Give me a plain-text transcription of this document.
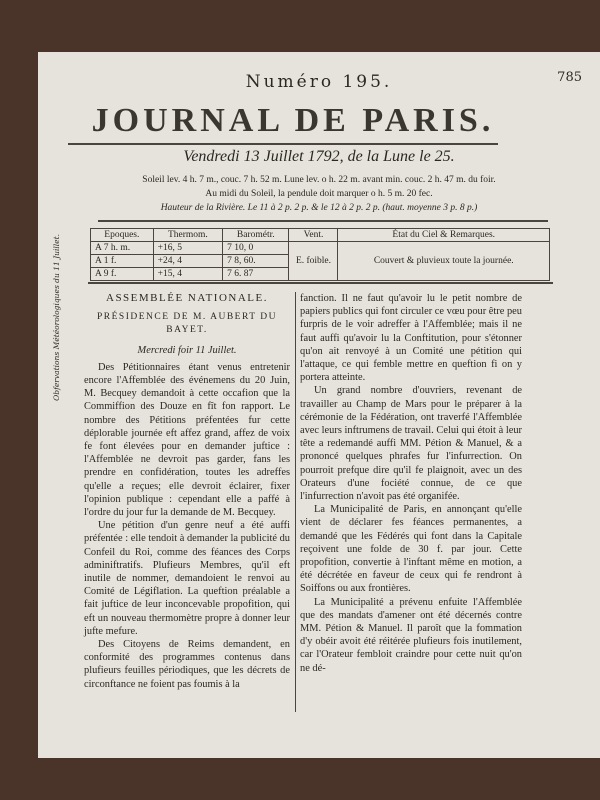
Numéro 195.	785
JOURNAL DE PARIS.
Vendredi 13 Juillet 1792, de la Lune le 25.
Soleil lev. 4 h. 7 m., couc. 7 h. 52 m. Lune lev. o h. 22 m. avant min. couc. 2 h. 47 m. du foir.
Au midi du Soleil, la pendule doit marquer o h. 5 m. 20 fec.
Hauteur de la Rivière. Le 11 à 2 p. 2 p. & le 12 à 2 p. 2 p. (haut. moyenne 3 p. 8 p.)
Obfervations Météorologiques du 11 Juillet.	Epoques.	Thermom.	Barométr.	Vent.	État du Ciel & Remarques.
A 7 h. m.	+16, 5	7 10, 0	E. foible.	Couvert & pluvieux toute la journée.
A 1 f.	+24, 4	7 8, 60.		
A 9 f.	+15, 4	7 6. 87		
ASSEMBLÉE NATIONALE.
PRÉSIDENCE DE M. AUBERT DU BAYET.
Mercredi foir 11 Juillet.

Des Pétitionnaires étant venus entretenir encore l'Affemblée des événemens du 20 Juin, M. Becquey demandoit à cette occafion que la Commiffion des Douze en fît fon rapport. Le nombre des Pétitions préfentées fur cette déplorable journée eft affez grand, affez de voix fe font élevées pour en demander juftice : l'Affemblée ne devroit pas garder, fans les prendre en confidération, toutes les adreffes qu'elle a reçues; elle devroit éclairer, fixer l'opinion publique : cependant elle a paffé à l'ordre du jour fur la demande de M. Becquey.

Une pétition d'un genre neuf a été auffi préfentée : elle tendoit à demander la publicité du Confeil du Roi, comme des féances des Corps adminiftratifs. Plufieurs Membres, qu'il eft inutile de nommer, demandoient le renvoi au Comité de Légiflation. La queftion préalable a fait juftice de leur inconcevable propofition, qui eft un nouveau thermomètre propre à donner leur jufte mefure.

Des Citoyens de Reims demandent, en conformité des programmes contenus dans plufieurs feuilles périodiques, que les décrets de circonftance ne foient pas foumis à la

fanction. Il ne faut qu'avoir lu le petit nombre de papiers publics qui font circuler ce vœu pour être peu furpris de le voir adreffer à l'Affemblée; mais il ne faut auffi qu'avoir lu la Conftitution, pour s'étonner qu'on ait renvoyé à un Comité une pétition qui l'attaque, ce qui femble mettre en queftion fi on y portera atteinte.

Un grand nombre d'ouvriers, revenant de travailler au Champ de Mars pour le préparer à la cérémonie de la Fédération, ont traverfé l'Affemblée avec leurs inftrumens de travail. Celui qui étoit à leur tête a redemandé auffi MM. Pétion & Manuel, & a prononcé quelques phrafes fur l'infurrection. On pourroit prefque dire qu'il fe plaignoit, avec un des Orateurs d'une fociété connue, de ce que l'infurrection n'avoit pas été organifée.

La Municipalité de Paris, en annonçant qu'elle vient de déclarer fes féances permanentes, a demandé que les Fédérés qui font dans la Capitale reçoivent une folde de 30 f. par jour. Cette propofition, convertie à l'inftant même en motion, a été décrétée en faveur de ceux qui fe rendront à Soiffons ou aux frontières.

La Municipalité a prévenu enfuite l'Affemblée que des mandats d'amener ont été décernés contre MM. Pétion & Manuel. Il paroît que la fommation d'y obéir avoit été réitérée plufieurs fois inutilement, car l'Orateur fembloit craindre pour cette nuit qu'on ne dé-
